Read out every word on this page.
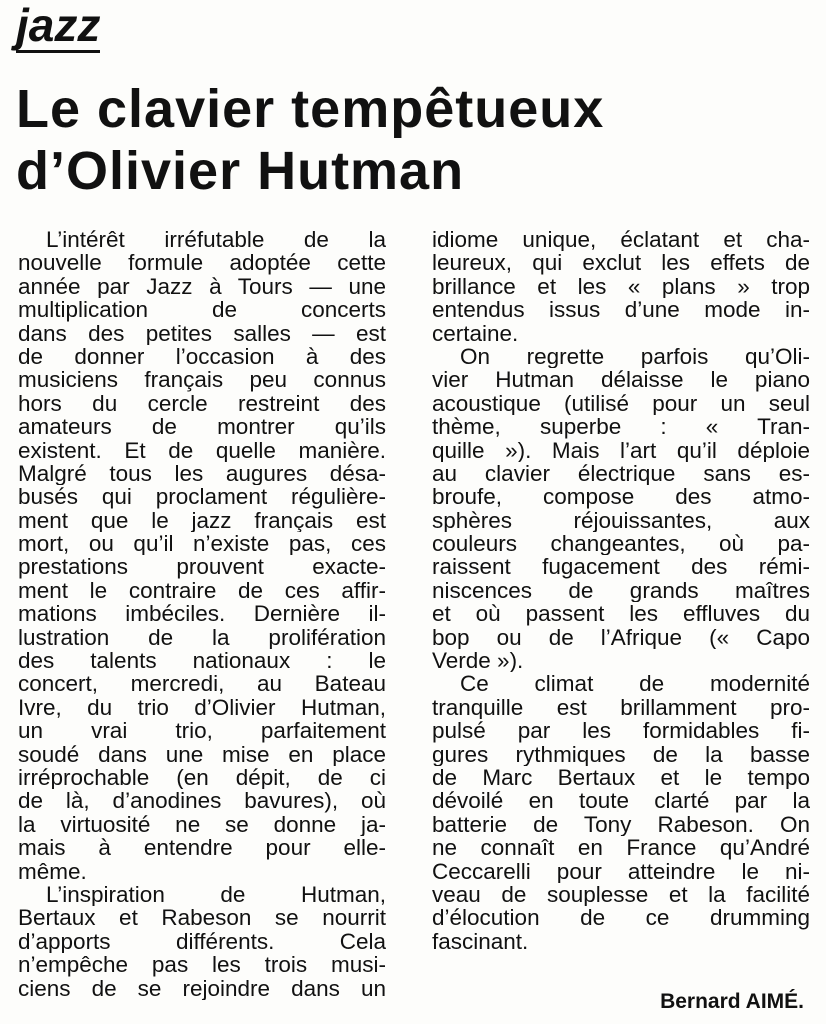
jazz
Le clavier tempêtueux
d’Olivier Hutman
L’intérêt irréfutable de la
nouvelle formule adoptée cette
année par Jazz à Tours — une
multiplication de concerts
dans des petites salles — est
de donner l’occasion à des
musiciens français peu connus
hors du cercle restreint des
amateurs de montrer qu’ils
existent. Et de quelle manière.
Malgré tous les augures désa-
busés qui proclament régulière-
ment que le jazz français est
mort, ou qu’il n’existe pas, ces
prestations prouvent exacte-
ment le contraire de ces affir-
mations imbéciles. Dernière il-
lustration de la prolifération
des talents nationaux : le
concert, mercredi, au Bateau
Ivre, du trio d’Olivier Hutman,
un vrai trio, parfaitement
soudé dans une mise en place
irréprochable (en dépit, de ci
de là, d’anodines bavures), où
la virtuosité ne se donne ja-
mais à entendre pour elle-
même.
L’inspiration de Hutman,
Bertaux et Rabeson se nourrit
d’apports différents. Cela
n’empêche pas les trois musi-
ciens de se rejoindre dans un
idiome unique, éclatant et cha-
leureux, qui exclut les effets de
brillance et les « plans » trop
entendus issus d’une mode in-
certaine.
On regrette parfois qu’Oli-
vier Hutman délaisse le piano
acoustique (utilisé pour un seul
thème, superbe : « Tran-
quille »). Mais l’art qu’il déploie
au clavier électrique sans es-
broufe, compose des atmo-
sphères réjouissantes, aux
couleurs changeantes, où pa-
raissent fugacement des rémi-
niscences de grands maîtres
et où passent les effluves du
bop ou de l’Afrique (« Capo
Verde »).
Ce climat de modernité
tranquille est brillamment pro-
pulsé par les formidables fi-
gures rythmiques de la basse
de Marc Bertaux et le tempo
dévoilé en toute clarté par la
batterie de Tony Rabeson. On
ne connaît en France qu’André
Ceccarelli pour atteindre le ni-
veau de souplesse et la facilité
d’élocution de ce drumming
fascinant.
Bernard AIMÉ.
